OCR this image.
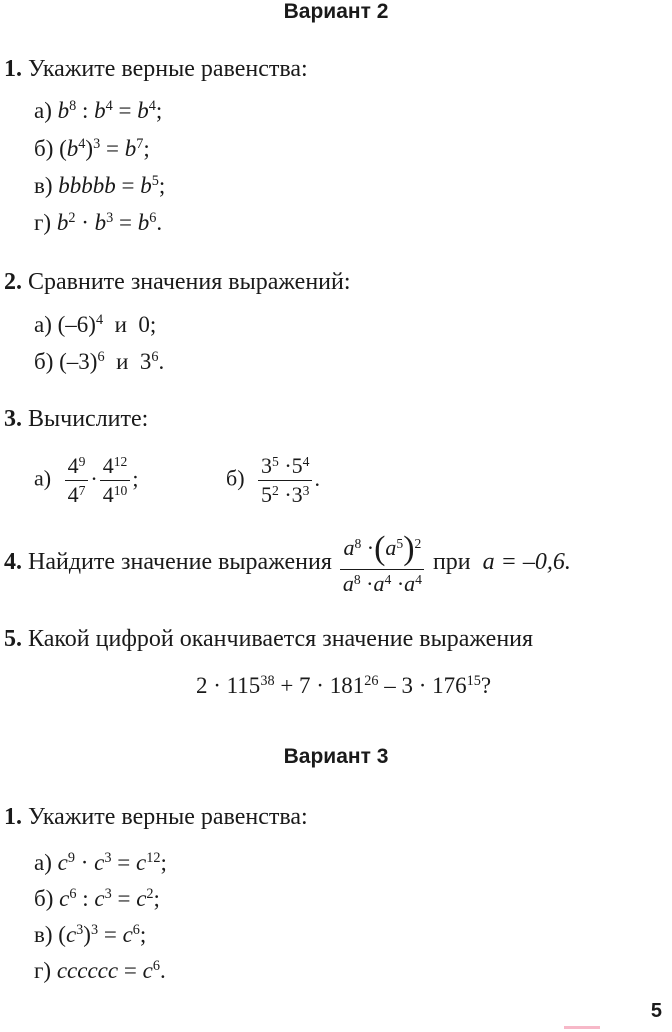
Вариант 2
1. Укажите верные равенства:
а) $b^8$ : $b^4 = b^4$;
б) $(b^4)^3 = b^7$;
в) bbbbb = $b^5$;
г) $b^2 \cdot b^3 = b^6$.
2. Сравните значения выражений:
а) $(-6)^4$ и  0;
б) $(-3)^6$ и  $3^6$.
3. Вычислите:
$а) \frac{4^9}{4^7} \cdot \frac{4^{12}}{4^{10}}$ ;	$б) \frac{3^5 \cdot 5^4}{5^2 \cdot 3^3}$ .
4. Найдите значение выражения $\frac{a^8 \cdot(a^5)^2}{a^8 \cdot a^4 \cdot a^4}$ при a = –0,6.
5. Какой цифрой оканчивается значение выражения
$2 \cdot 115^{38} + 7 \cdot 181^{26} - 3 \cdot 176^{15}$?
Вариант 3
1. Укажите верные равенства:
а) $c^9 \cdot c^3 = c^{12}$;
б) $c^6$ : $c^3 = c^2$;
в) $(c^3)^3 = c^6$;
г) cccccc = $c^6$.
5
